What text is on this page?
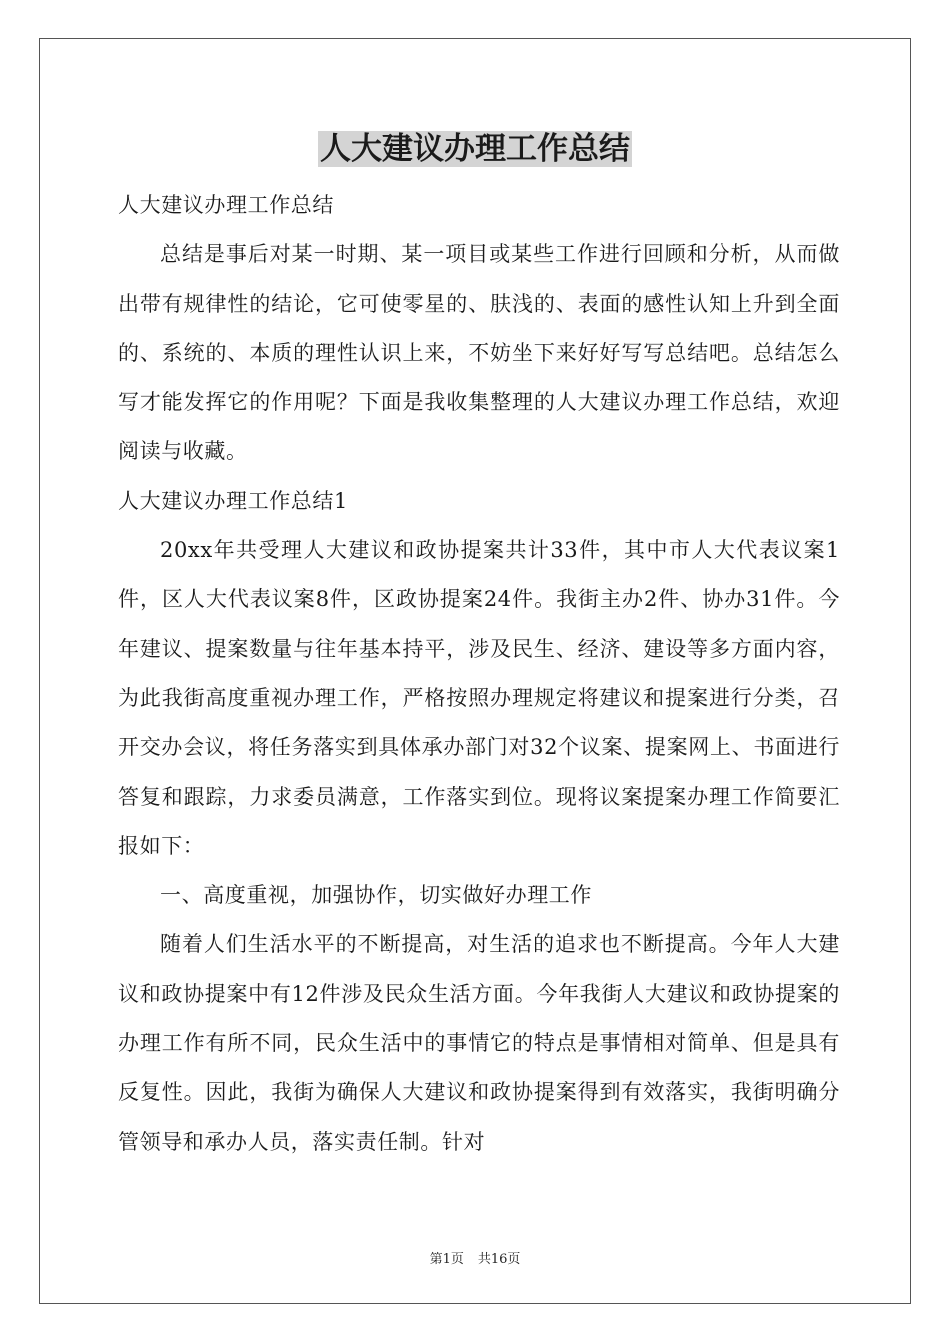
人大建议办理工作总结

人大建议办理工作总结

总结是事后对某一时期、某一项目或某些工作进行回顾和分析，从而做出带有规律性的结论，它可使零星的、肤浅的、表面的感性认知上升到全面的、系统的、本质的理性认识上来，不妨坐下来好好写写总结吧。总结怎么写才能发挥它的作用呢？下面是我收集整理的人大建议办理工作总结，欢迎阅读与收藏。

人大建议办理工作总结1

20xx年共受理人大建议和政协提案共计33件，其中市人大代表议案1件，区人大代表议案8件，区政协提案24件。我街主办2件、协办31件。今年建议、提案数量与往年基本持平，涉及民生、经济、建设等多方面内容，为此我街高度重视办理工作，严格按照办理规定将建议和提案进行分类，召开交办会议，将任务落实到具体承办部门对32个议案、提案网上、书面进行答复和跟踪，力求委员满意，工作落实到位。现将议案提案办理工作简要汇报如下：

一、高度重视，加强协作，切实做好办理工作

随着人们生活水平的不断提高，对生活的追求也不断提高。今年人大建议和政协提案中有12件涉及民众生活方面。今年我街人大建议和政协提案的办理工作有所不同，民众生活中的事情它的特点是事情相对简单、但是具有反复性。因此，我街为确保人大建议和政协提案得到有效落实，我街明确分管领导和承办人员，落实责任制。针对

第1页 共16页
